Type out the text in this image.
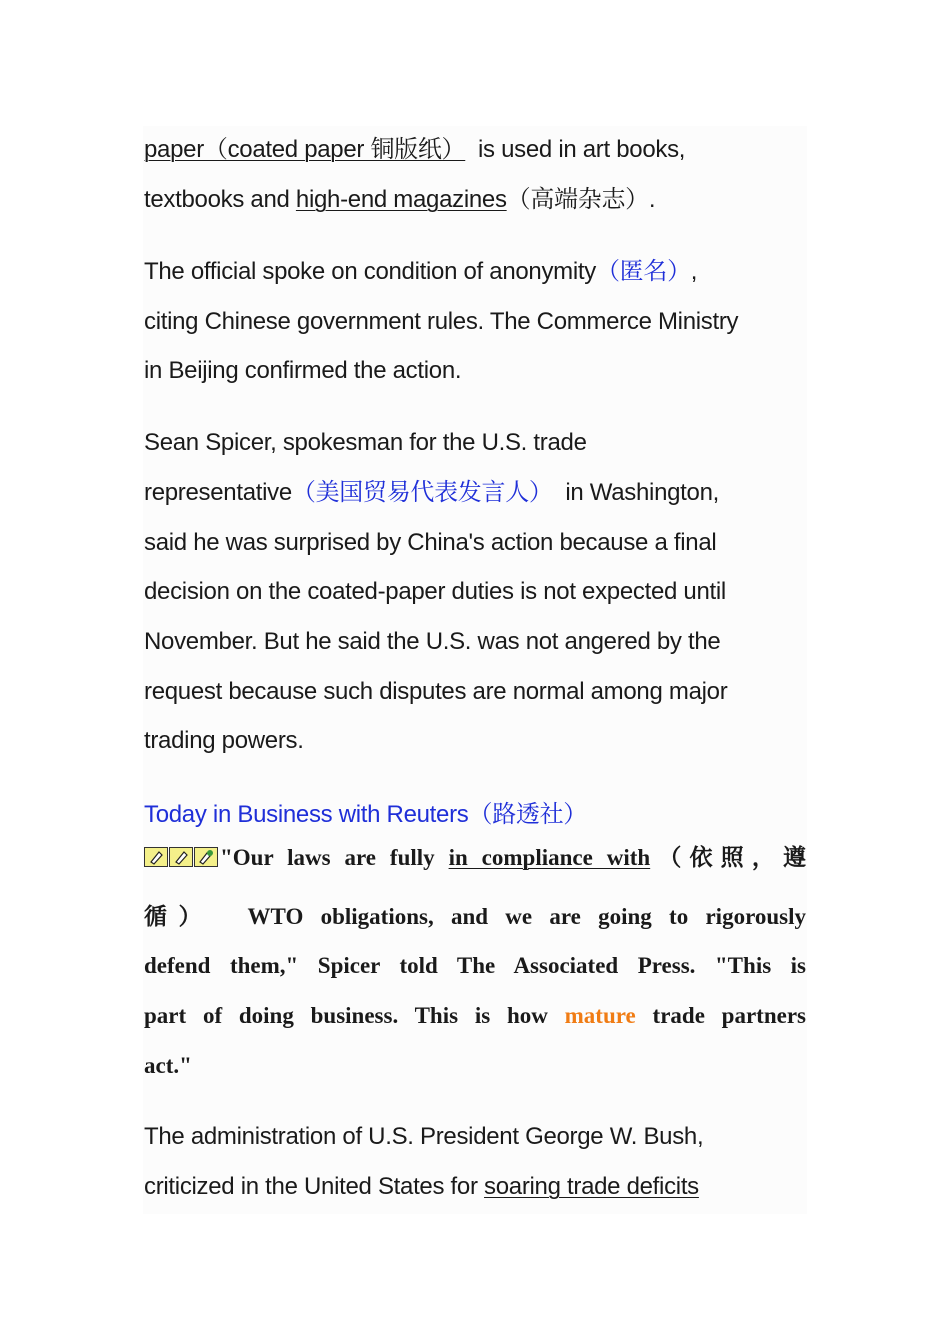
paper（coated paper 铜版纸）  is used in art books,
textbooks and high-end magazines（高端杂志）.
The official spoke on condition of anonymity（匿名）,
citing Chinese government rules. The Commerce Ministry
in Beijing confirmed the action.
Sean Spicer, spokesman for the U.S. trade
representative（美国贸易代表发言人）  in Washington,
said he was surprised by China's action because a final
decision on the coated-paper duties is not expected until
November. But he said the U.S. was not angered by the
request because such disputes are normal among major
trading powers.
Today in Business with Reuters（路透社）
"Our laws are fully in compliance with（依照，遵
循）  WTO obligations, and we are going to rigorously
defend them," Spicer told The Associated Press. "This is
part of doing business. This is how mature trade partners
act."
The administration of U.S. President George W. Bush,
criticized in the United States for soaring trade deficits
